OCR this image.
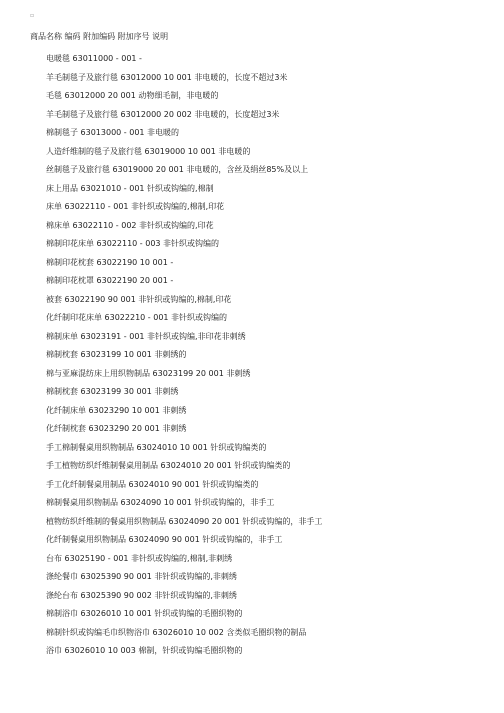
▫
商品名称 编码 附加编码 附加序号 说明
电暖毯 63011000 - 001 -
羊毛制毯子及旅行毯 63012000 10 001 非电暖的，长度不超过3米
毛毯 63012000 20 001 动物细毛制，非电暖的
羊毛制毯子及旅行毯 63012000 20 002 非电暖的，长度超过3米
棉制毯子 63013000 - 001 非电暖的
人造纤维制的毯子及旅行毯 63019000 10 001 非电暖的
丝制毯子及旅行毯 63019000 20 001 非电暖的，含丝及绢丝85%及以上
床上用品 63021010 - 001 针织或钩编的,棉制
床单 63022110 - 001 非针织或钩编的,棉制,印花
棉床单 63022110 - 002 非针织或钩编的,印花
棉制印花床单 63022110 - 003 非针织或钩编的
棉制印花枕套 63022190 10 001 -
棉制印花枕罩 63022190 20 001 -
被套 63022190 90 001 非针织或钩编的,棉制,印花
化纤制印花床单 63022210 - 001 非针织或钩编的
棉制床单 63023191 - 001 非针织或钩编,非印花非刺绣
棉制枕套 63023199 10 001 非刺绣的
棉与亚麻混纺床上用织物制品 63023199 20 001 非刺绣
棉制枕套 63023199 30 001 非刺绣
化纤制床单 63023290 10 001 非刺绣
化纤制枕套 63023290 20 001 非刺绣
手工棉制餐桌用织物制品 63024010 10 001 针织或钩编类的
手工植物纺织纤维制餐桌用制品 63024010 20 001 针织或钩编类的
手工化纤制餐桌用制品 63024010 90 001 针织或钩编类的
棉制餐桌用织物制品 63024090 10 001 针织或钩编的，非手工
植物纺织纤维制的餐桌用织物制品 63024090 20 001 针织或钩编的，非手工
化纤制餐桌用织物制品 63024090 90 001 针织或钩编的，非手工
台布 63025190 - 001 非针织或钩编的,棉制,非刺绣
涤纶餐巾 63025390 90 001 非针织或钩编的,非刺绣
涤纶台布 63025390 90 002 非针织或钩编的,非刺绣
棉制浴巾 63026010 10 001 针织或钩编的毛圈织物的
棉制针织或钩编毛巾织物浴巾 63026010 10 002 含类似毛圈织物的制品
浴巾 63026010 10 003 棉制，针织或钩编毛圈织物的
